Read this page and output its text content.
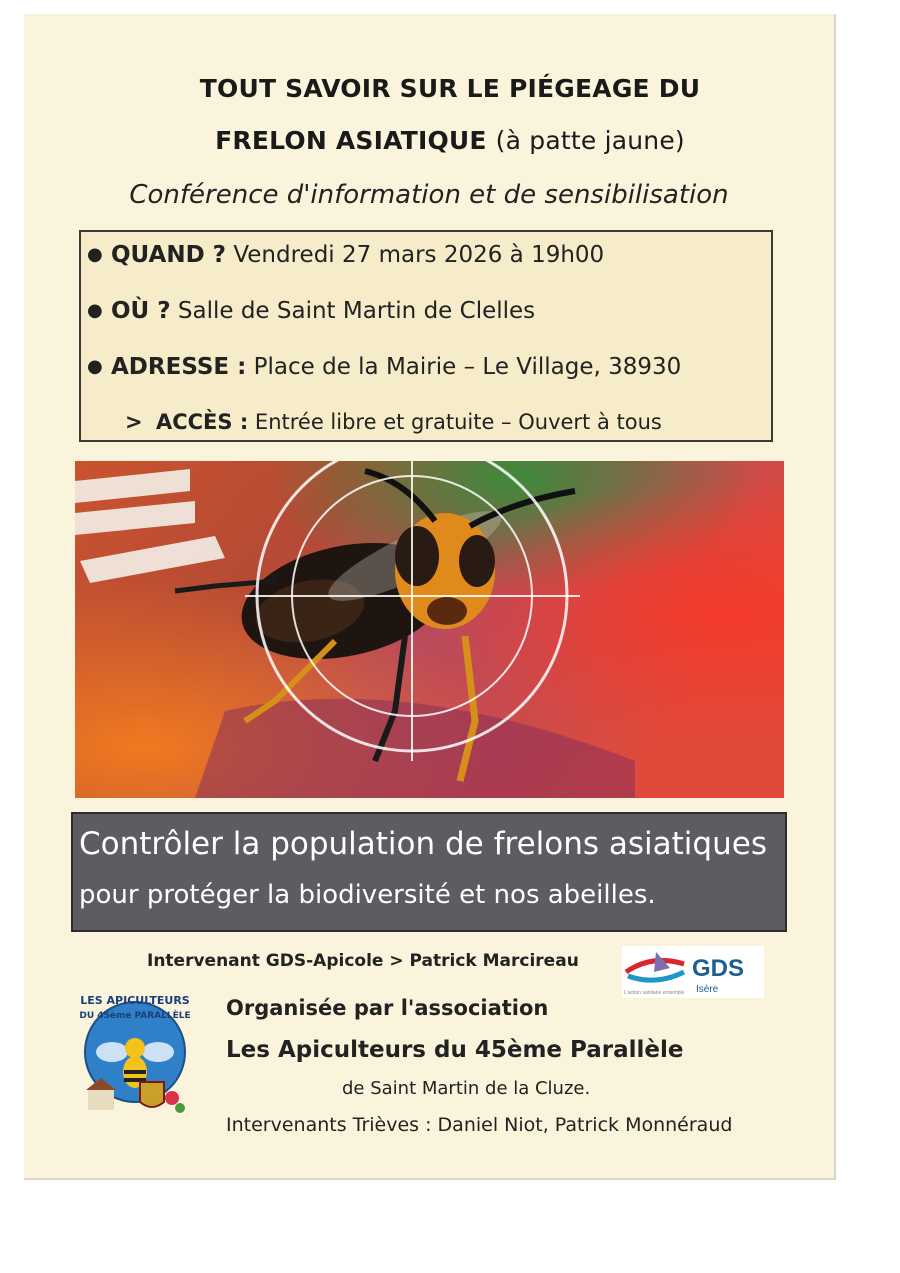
TOUT SAVOIR SUR LE PIÉGEAGE DU
FRELON ASIATIQUE (à patte jaune)
Conférence d'information et de sensibilisation
● QUAND ? Vendredi 27 mars 2026 à 19h00
● OÙ ? Salle de Saint Martin de Clelles
● ADRESSE : Place de la Mairie – Le Village, 38930
> ACCÈS : Entrée libre et gratuite – Ouvert à tous
Contrôler la population de frelons asiatiques
pour protéger la biodiversité et nos abeilles.
Intervenant GDS-Apicole > Patrick Marcireau	GDS
Isère
L'action sanitaire ensemble
LES APICULTEURS
DU 45ème PARALLÈLE Organisée par l'association
Les Apiculteurs du 45ème Parallèle
de Saint Martin de la Cluze.
Intervenants Trièves : Daniel Niot, Patrick Monnéraud
